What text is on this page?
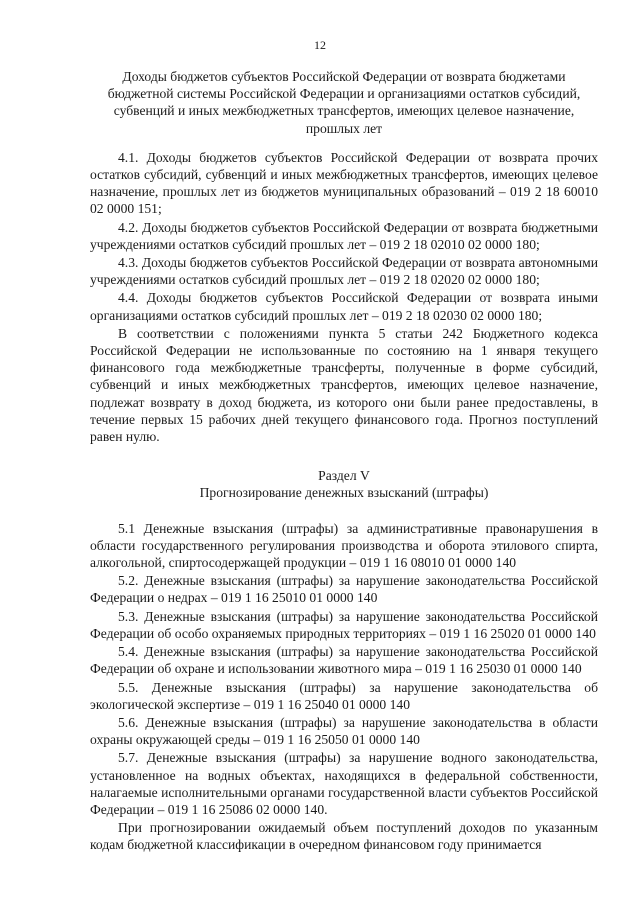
12

Доходы бюджетов субъектов Российской Федерации от возврата бюджетами бюджетной системы Российской Федерации и организациями остатков субсидий, субвенций и иных межбюджетных трансфертов, имеющих целевое назначение, прошлых лет

4.1. Доходы бюджетов субъектов Российской Федерации от возврата прочих остатков субсидий, субвенций и иных межбюджетных трансфертов, имеющих целевое назначение, прошлых лет из бюджетов муниципальных образований – 019 2 18 60010 02 0000 151;

4.2. Доходы бюджетов субъектов Российской Федерации от возврата бюджетными учреждениями остатков субсидий прошлых лет – 019 2 18 02010 02 0000 180;

4.3. Доходы бюджетов субъектов Российской Федерации от возврата автономными учреждениями остатков субсидий прошлых лет – 019 2 18 02020 02 0000 180;

4.4. Доходы бюджетов субъектов Российской Федерации от возврата иными организациями остатков субсидий прошлых лет – 019 2 18 02030 02 0000 180;

В соответствии с положениями пункта 5 статьи 242 Бюджетного кодекса Российской Федерации не использованные по состоянию на 1 января текущего финансового года межбюджетные трансферты, полученные в форме субсидий, субвенций и иных межбюджетных трансфертов, имеющих целевое назначение, подлежат возврату в доход бюджета, из которого они были ранее предоставлены, в течение первых 15 рабочих дней текущего финансового года. Прогноз поступлений равен нулю.

Раздел V

Прогнозирование денежных взысканий (штрафы)

5.1 Денежные взыскания (штрафы) за административные правонарушения в области государственного регулирования производства и оборота этилового спирта, алкогольной, спиртосодержащей продукции – 019 1 16 08010 01 0000 140

5.2. Денежные взыскания (штрафы) за нарушение законодательства Российской Федерации о недрах – 019 1 16 25010 01 0000 140

5.3. Денежные взыскания (штрафы) за нарушение законодательства Российской Федерации об особо охраняемых природных территориях – 019 1 16 25020 01 0000 140

5.4. Денежные взыскания (штрафы) за нарушение законодательства Российской Федерации об охране и использовании животного мира – 019 1 16 25030 01 0000 140

5.5. Денежные взыскания (штрафы) за нарушение законодательства об экологической экспертизе – 019 1 16 25040 01 0000 140

5.6. Денежные взыскания (штрафы) за нарушение законодательства в области охраны окружающей среды – 019 1 16 25050 01 0000 140

5.7. Денежные взыскания (штрафы) за нарушение водного законодательства, установленное на водных объектах, находящихся в федеральной собственности, налагаемые исполнительными органами государственной власти субъектов Российской Федерации – 019 1 16 25086 02 0000 140.

При прогнозировании ожидаемый объем поступлений доходов по указанным кодам бюджетной классификации в очередном финансовом году принимается
